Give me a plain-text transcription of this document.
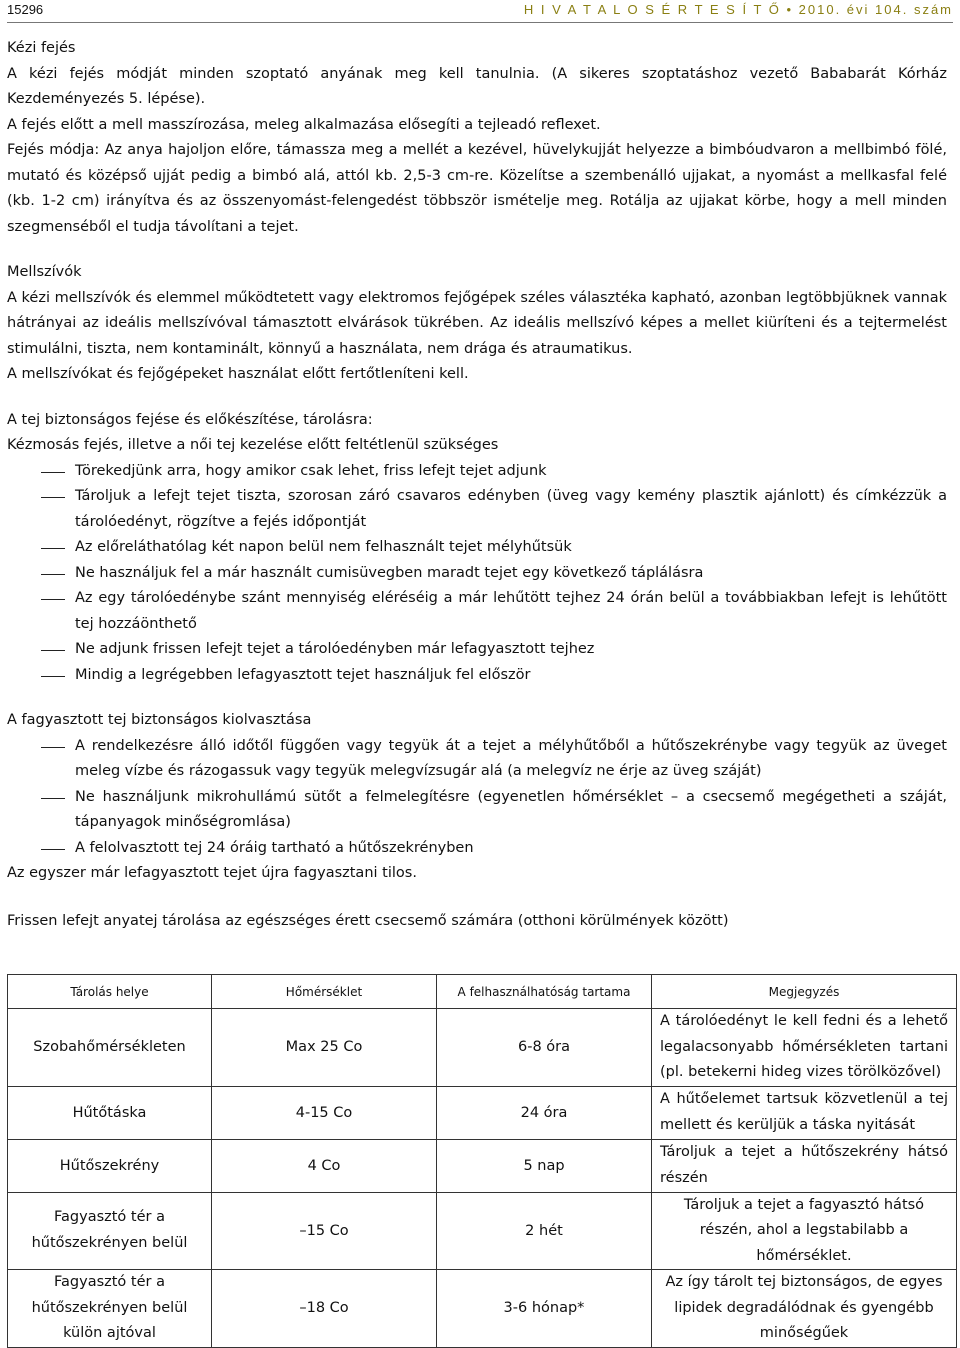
15296	H I V A T A L O S É R T E S Í T Ő • 2010. évi 104. szám

Kézi fejés

A kézi fejés módját minden szoptató anyának meg kell tanulnia. (A sikeres szoptatáshoz vezető Bababarát Kórház Kezdeményezés 5. lépése).

A fejés előtt a mell masszírozása, meleg alkalmazása elősegíti a tejleadó reflexet.

Fejés módja: Az anya hajoljon előre, támassza meg a mellét a kezével, hüvelykujját helyezze a bimbóudvaron a mellbimbó fölé, mutató és középső ujját pedig a bimbó alá, attól kb. 2,5-3 cm-re. Közelítse a szembenálló ujjakat, a nyomást a mellkasfal felé (kb. 1-2 cm) irányítva és az összenyomást-felengedést többször ismételje meg. Rotálja az ujjakat körbe, hogy a mell minden szegmenséből el tudja távolítani a tejet.

Mellszívók

A kézi mellszívók és elemmel működtetett vagy elektromos fejőgépek széles választéka kapható, azonban legtöbbjüknek vannak hátrányai az ideális mellszívóval támasztott elvárások tükrében. Az ideális mellszívó képes a mellet kiüríteni és a tejtermelést stimulálni, tiszta, nem kontaminált, könnyű a használata, nem drága és atraumatikus.

A mellszívókat és fejőgépeket használat előtt fertőtleníteni kell.

A tej biztonságos fejése és előkészítése, tárolásra:

Kézmosás fejés, illetve a női tej kezelése előtt feltétlenül szükséges

Törekedjünk arra, hogy amikor csak lehet, friss lefejt tejet adjunk
Tároljuk a lefejt tejet tiszta, szorosan záró csavaros edényben (üveg vagy kemény plasztik ajánlott) és címkézzük a tárolóedényt, rögzítve a fejés időpontját
Az előreláthatólag két napon belül nem felhasznált tejet mélyhűtsük
Ne használjuk fel a már használt cumisüvegben maradt tejet egy következő táplálásra
Az egy tárolóedénybe szánt mennyiség eléréséig a már lehűtött tejhez 24 órán belül a továbbiakban lefejt is lehűtött tej hozzáönthető
Ne adjunk frissen lefejt tejet a tárolóedényben már lefagyasztott tejhez
Mindig a legrégebben lefagyasztott tejet használjuk fel először

A fagyasztott tej biztonságos kiolvasztása

A rendelkezésre álló időtől függően vagy tegyük át a tejet a mélyhűtőből a hűtőszekrénybe vagy tegyük az üveget meleg vízbe és rázogassuk vagy tegyük melegvízsugár alá (a melegvíz ne érje az üveg száját)
Ne használjunk mikrohullámú sütőt a felmelegítésre (egyenetlen hőmérséklet – a csecsemő megégetheti a száját, tápanyagok minőségromlása)
A felolvasztott tej 24 óráig tartható a hűtőszekrényben

Az egyszer már lefagyasztott tejet újra fagyasztani tilos.

Frissen lefejt anyatej tárolása az egészséges érett csecsemő számára (otthoni körülmények között)

Tárolás helye	Hőmérséklet	A felhasználhatóság tartama	Megjegyzés
Szobahőmérsékleten	Max 25 Co	6-8 óra	A tárolóedényt le kell fedni és a lehető legalacsonyabb hőmérsékleten tartani (pl. betekerni hideg vizes törölközővel)
Hűtőtáska	4-15 Co	24 óra	A hűtőelemet tartsuk közvetlenül a tej mellett és kerüljük a táska nyitását
Hűtőszekrény	4 Co	5 nap	Tároljuk a tejet a hűtőszekrény hátsó részén
Fagyasztó tér a hűtőszekrényen belül	–15 Co	2 hét	Tároljuk a tejet a fagyasztó hátsó részén, ahol a legstabilabb a hőmérséklet.
Fagyasztó tér a hűtőszekrényen belül külön ajtóval	–18 Co	3-6 hónap*	Az így tárolt tej biztonságos, de egyes lipidek degradálódnak és gyengébb minőségűek
